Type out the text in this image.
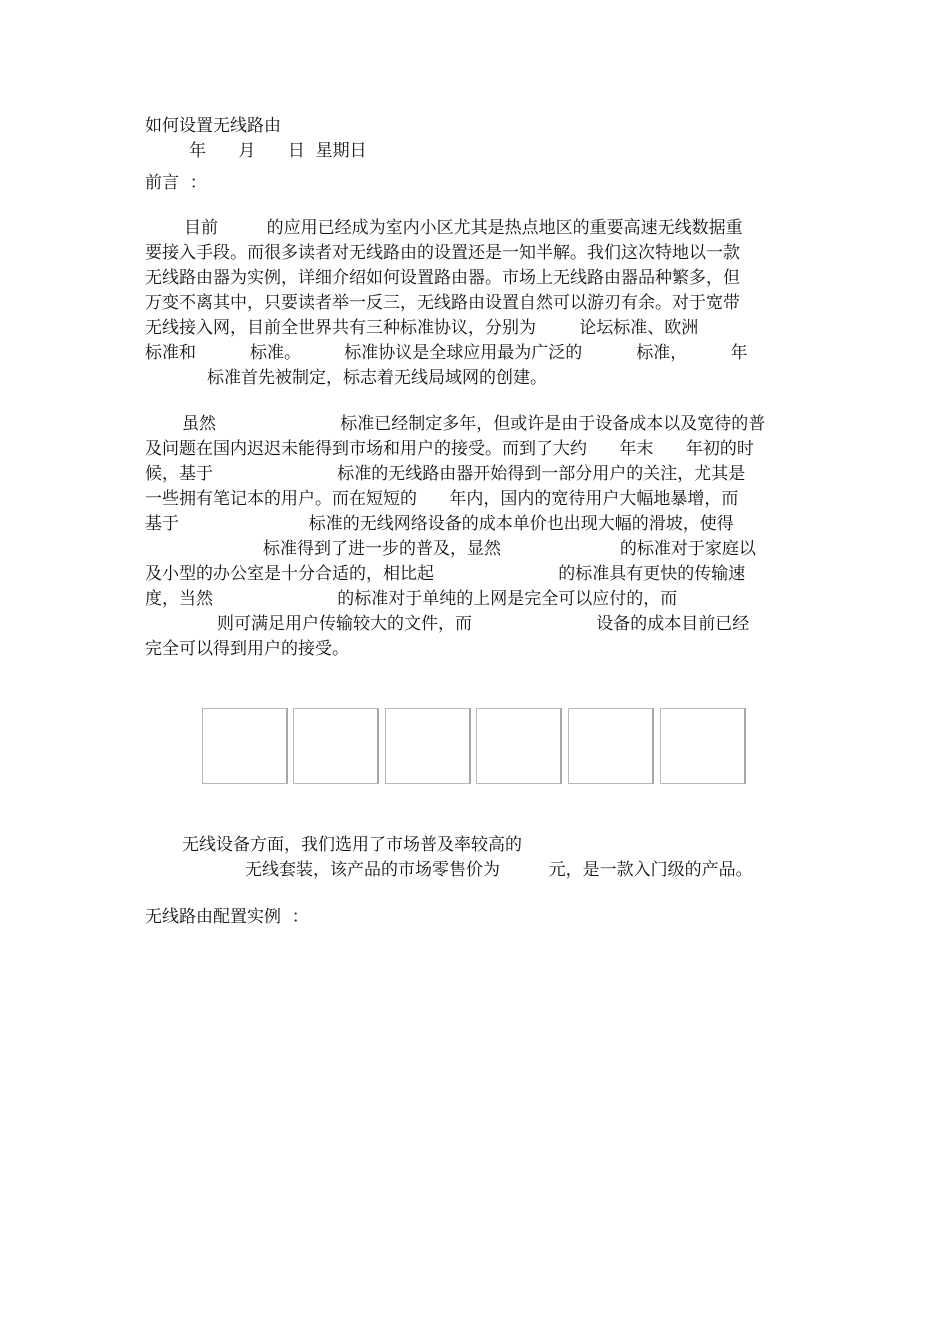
如何设置无线路由
年      月      日  星期日
前言  ：
目前         的应用已经成为室内小区尤其是热点地区的重要高速无线数据重
要接入手段。而很多读者对无线路由的设置还是一知半解。我们这次特地以一款
无线路由器为实例，详细介绍如何设置路由器。市场上无线路由器品种繁多，但
万变不离其中，只要读者举一反三，无线路由设置自然可以游刃有余。对于宽带
无线接入网，目前全世界共有三种标准协议，分别为        论坛标准、欧洲
标准和          标准。        标准协议是全球应用最为广泛的          标准，        年
标准首先被制定，标志着无线局域网的创建。
虽然                       标准已经制定多年，但或许是由于设备成本以及宽待的普
及问题在国内迟迟未能得到市场和用户的接受。而到了大约      年末      年初的时
候，基于                       标准的无线路由器开始得到一部分用户的关注，尤其是
一些拥有笔记本的用户。而在短短的      年内，国内的宽待用户大幅地暴增，而
基于                        标准的无线网络设备的成本单价也出现大幅的滑坡，使得
标准得到了进一步的普及，显然                      的标准对于家庭以
及小型的办公室是十分合适的，相比起                       的标准具有更快的传输速
度，当然                       的标准对于单纯的上网是完全可以应付的，而
则可满足用户传输较大的文件，而                       设备的成本目前已经
完全可以得到用户的接受。
无线设备方面，我们选用了市场普及率较高的
无线套装，该产品的市场零售价为         元，是一款入门级的产品。
无线路由配置实例  ：
